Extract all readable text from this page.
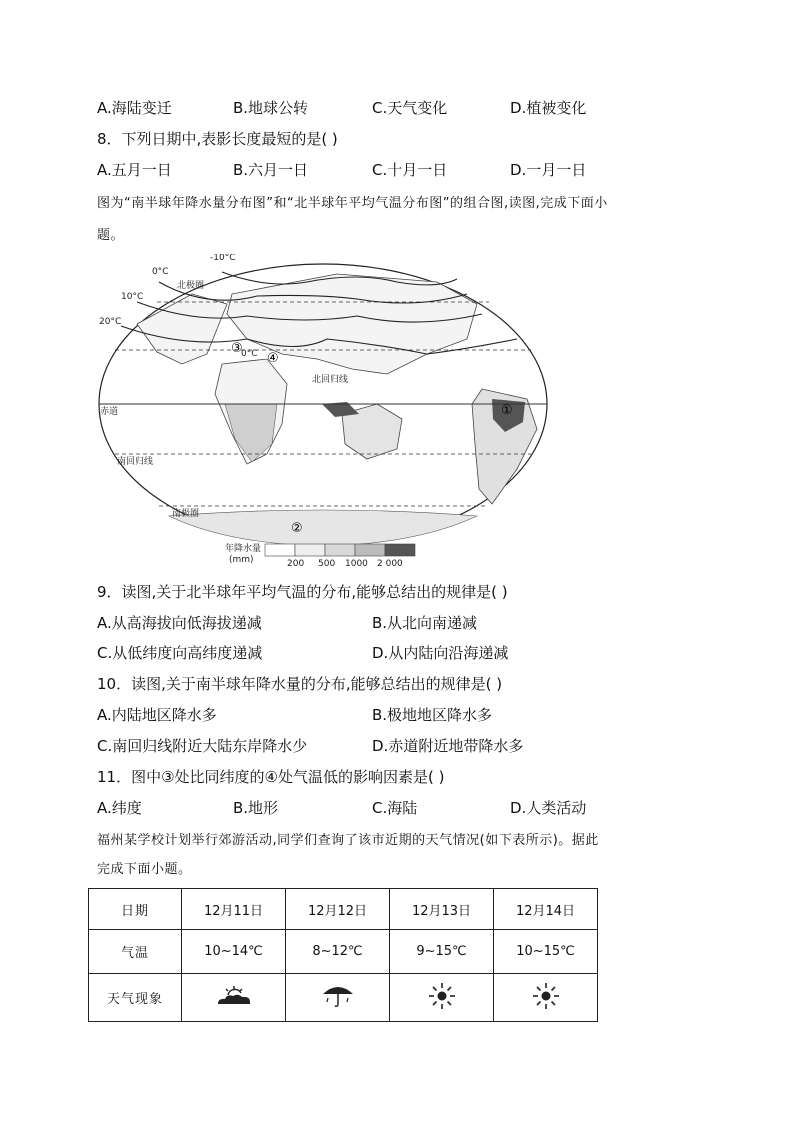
A.海陆变迁	B.地球公转	C.天气变化	D.植被变化
8．下列日期中,表影长度最短的是( )
A.五月一日	B.六月一日	C.十月一日	D.一月一日
图为“南半球年降水量分布图”和“北半球年平均气温分布图”的组合图,读图,完成下面小
题。
-10°C
0°C
10°C
20°C
北极圈
北回归线
赤道
南回归线
南极圈
0°C
①
②
③
④
年降水量
(mm)	200 500 1000 2 000
9．读图,关于北半球年平均气温的分布,能够总结出的规律是( )
A.从高海拔向低海拔递减	B.从北向南递减
C.从低纬度向高纬度递减	D.从内陆向沿海递减
10．读图,关于南半球年降水量的分布,能够总结出的规律是( )
A.内陆地区降水多	B.极地地区降水多
C.南回归线附近大陆东岸降水少	D.赤道附近地带降水多
11．图中③处比同纬度的④处气温低的影响因素是( )
A.纬度	B.地形	C.海陆	D.人类活动
福州某学校计划举行郊游活动,同学们查询了该市近期的天气情况(如下表所示)。据此
完成下面小题。
日期	12月11日	12月12日	12月13日	12月14日
气温	10~14℃	8~12℃	9~15℃	10~15℃
天气现象				
